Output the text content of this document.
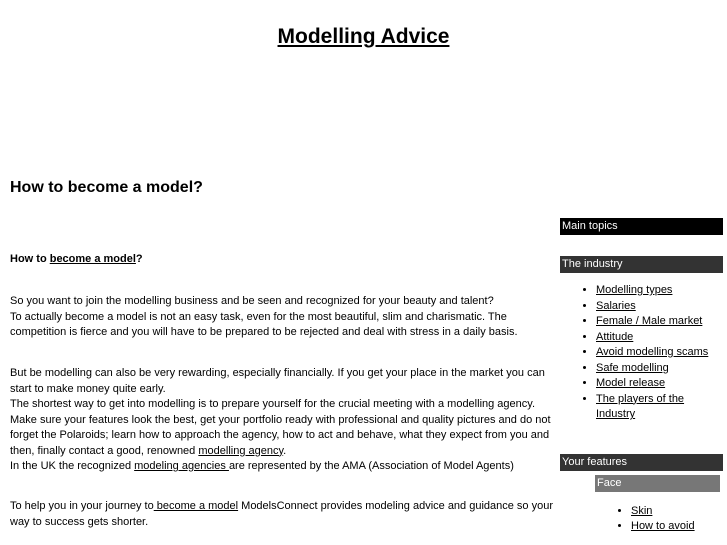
Modelling Advice
How to become a model?
How to become a model?
So you want to join the modelling business and be seen and recognized for your beauty and talent?
To actually become a model is not an easy task, even for the most beautiful, slim and charismatic. The competition is fierce and you will have to be prepared to be rejected and deal with stress in a daily basis.
But be modelling can also be very rewarding, especially financially. If you get your place in the market you can start to make money quite early.
The shortest way to get into modelling is to prepare yourself for the crucial meeting with a modelling agency. Make sure your features look the best, get your portfolio ready with professional and quality pictures and do not forget the Polaroids; learn how to approach the agency, how to act and behave, what they expect from you and then, finally contact a good, renowned modelling agency.
In the UK the recognized modeling agencies are represented by the AMA (Association of Model Agents)
To help you in your journey to become a model ModelsConnect provides modeling advice and guidance so your way to success gets shorter.
Main topics
The industry
• Modelling types
• Salaries
• Female / Male market
• Attitude
• Avoid modelling scams
• Safe modelling
• Model release
• The players of the Industry
Your features
Face
• Skin
• How to avoid
